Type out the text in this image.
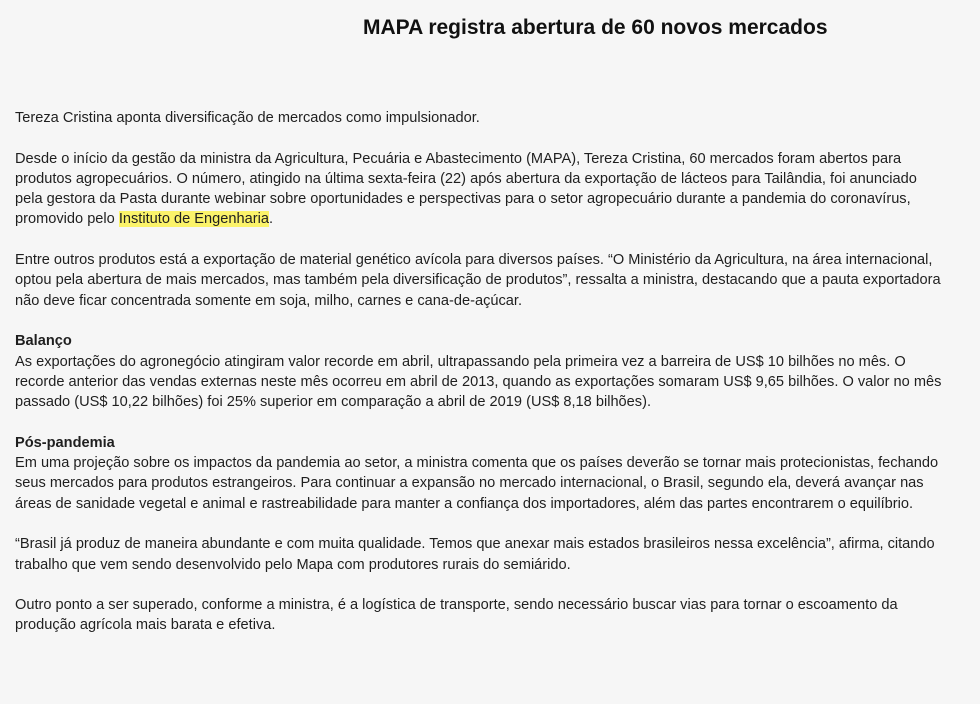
MAPA registra abertura de 60 novos mercados

Tereza Cristina aponta diversificação de mercados como impulsionador.

Desde o início da gestão da ministra da Agricultura, Pecuária e Abastecimento (MAPA), Tereza Cristina, 60 mercados foram abertos para produtos agropecuários. O número, atingido na última sexta-feira (22) após abertura da exportação de lácteos para Tailândia, foi anunciado pela gestora da Pasta durante webinar sobre oportunidades e perspectivas para o setor agropecuário durante a pandemia do coronavírus, promovido pelo Instituto de Engenharia.

Entre outros produtos está a exportação de material genético avícola para diversos países. “O Ministério da Agricultura, na área internacional, optou pela abertura de mais mercados, mas também pela diversificação de produtos”, ressalta a ministra, destacando que a pauta exportadora não deve ficar concentrada somente em soja, milho, carnes e cana-de-açúcar.

Balanço
As exportações do agronegócio atingiram valor recorde em abril, ultrapassando pela primeira vez a barreira de US$ 10 bilhões no mês. O recorde anterior das vendas externas neste mês ocorreu em abril de 2013, quando as exportações somaram US$ 9,65 bilhões. O valor no mês passado (US$ 10,22 bilhões) foi 25% superior em comparação a abril de 2019 (US$ 8,18 bilhões).

Pós-pandemia
Em uma projeção sobre os impactos da pandemia ao setor, a ministra comenta que os países deverão se tornar mais protecionistas, fechando seus mercados para produtos estrangeiros. Para continuar a expansão no mercado internacional, o Brasil, segundo ela, deverá avançar nas áreas de sanidade vegetal e animal e rastreabilidade para manter a confiança dos importadores, além das partes encontrarem o equilíbrio.

“Brasil já produz de maneira abundante e com muita qualidade. Temos que anexar mais estados brasileiros nessa excelência”, afirma, citando trabalho que vem sendo desenvolvido pelo Mapa com produtores rurais do semiárido.

Outro ponto a ser superado, conforme a ministra, é a logística de transporte, sendo necessário buscar vias para tornar o escoamento da produção agrícola mais barata e efetiva.
